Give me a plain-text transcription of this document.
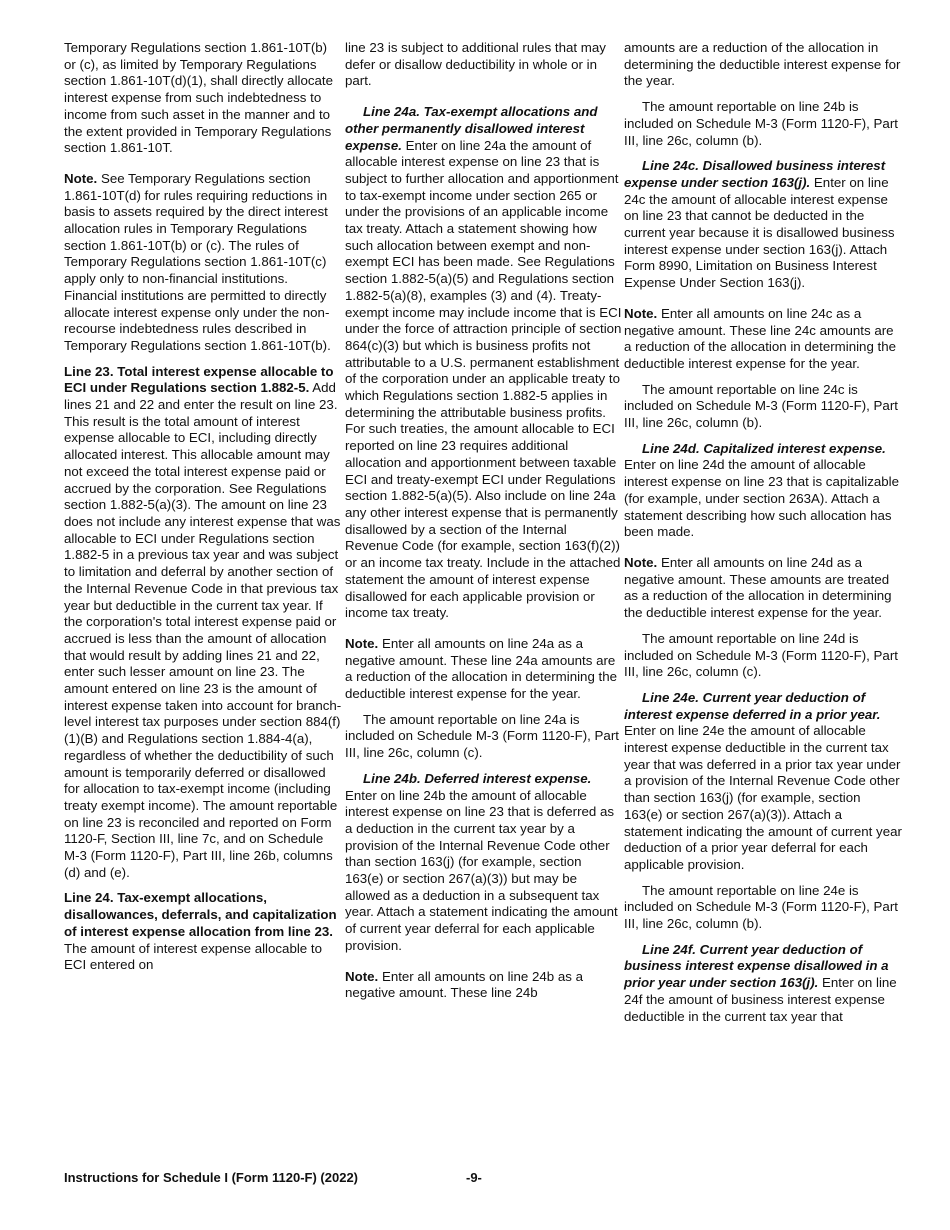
Temporary Regulations section 1.861-10T(b) or (c), as limited by Temporary Regulations section 1.861-10T(d)(1), shall directly allocate interest expense from such indebtedness to income from such asset in the manner and to the extent provided in Temporary Regulations section 1.861-10T.

Note. See Temporary Regulations section 1.861-10T(d) for rules requiring reductions in basis to assets required by the direct interest allocation rules in Temporary Regulations section 1.861-10T(b) or (c). The rules of Temporary Regulations section 1.861-10T(c) apply only to non-financial institutions. Financial institutions are permitted to directly allocate interest expense only under the non-recourse indebtedness rules described in Temporary Regulations section 1.861-10T(b).

Line 23. Total interest expense allocable to ECI under Regulations section 1.882-5. Add lines 21 and 22 and enter the result on line 23. This result is the total amount of interest expense allocable to ECI, including directly allocated interest. This allocable amount may not exceed the total interest expense paid or accrued by the corporation. See Regulations section 1.882-5(a)(3). The amount on line 23 does not include any interest expense that was allocable to ECI under Regulations section 1.882-5 in a previous tax year and was subject to limitation and deferral by another section of the Internal Revenue Code in that previous tax year but deductible in the current tax year. If the corporation's total interest expense paid or accrued is less than the amount of allocation that would result by adding lines 21 and 22, enter such lesser amount on line 23. The amount entered on line 23 is the amount of interest expense taken into account for branch-level interest tax purposes under section 884(f)(1)(B) and Regulations section 1.884-4(a), regardless of whether the deductibility of such amount is temporarily deferred or disallowed for allocation to tax-exempt income (including treaty exempt income). The amount reportable on line 23 is reconciled and reported on Form 1120-F, Section III, line 7c, and on Schedule M-3 (Form 1120-F), Part III, line 26b, columns (d) and (e).

Line 24. Tax-exempt allocations, disallowances, deferrals, and capitalization of interest expense allocation from line 23. The amount of interest expense allocable to ECI entered on

line 23 is subject to additional rules that may defer or disallow deductibility in whole or in part.

Line 24a. Tax-exempt allocations and other permanently disallowed interest expense. Enter on line 24a the amount of allocable interest expense on line 23 that is subject to further allocation and apportionment to tax-exempt income under section 265 or under the provisions of an applicable income tax treaty. Attach a statement showing how such allocation between exempt and non-exempt ECI has been made. See Regulations section 1.882-5(a)(5) and Regulations section 1.882-5(a)(8), examples (3) and (4). Treaty-exempt income may include income that is ECI under the force of attraction principle of section 864(c)(3) but which is business profits not attributable to a U.S. permanent establishment of the corporation under an applicable treaty to which Regulations section 1.882-5 applies in determining the attributable business profits. For such treaties, the amount allocable to ECI reported on line 23 requires additional allocation and apportionment between taxable ECI and treaty-exempt ECI under Regulations section 1.882-5(a)(5). Also include on line 24a any other interest expense that is permanently disallowed by a section of the Internal Revenue Code (for example, section 163(f)(2)) or an income tax treaty. Include in the attached statement the amount of interest expense disallowed for each applicable provision or income tax treaty.

Note. Enter all amounts on line 24a as a negative amount. These line 24a amounts are a reduction of the allocation in determining the deductible interest expense for the year.

The amount reportable on line 24a is included on Schedule M-3 (Form 1120-F), Part III, line 26c, column (c).

Line 24b. Deferred interest expense. Enter on line 24b the amount of allocable interest expense on line 23 that is deferred as a deduction in the current tax year by a provision of the Internal Revenue Code other than section 163(j) (for example, section 163(e) or section 267(a)(3)) but may be allowed as a deduction in a subsequent tax year. Attach a statement indicating the amount of current year deferral for each applicable provision.

Note. Enter all amounts on line 24b as a negative amount. These line 24b

amounts are a reduction of the allocation in determining the deductible interest expense for the year.

The amount reportable on line 24b is included on Schedule M-3 (Form 1120-F), Part III, line 26c, column (b).

Line 24c. Disallowed business interest expense under section 163(j). Enter on line 24c the amount of allocable interest expense on line 23 that cannot be deducted in the current year because it is disallowed business interest expense under section 163(j). Attach Form 8990, Limitation on Business Interest Expense Under Section 163(j).

Note. Enter all amounts on line 24c as a negative amount. These line 24c amounts are a reduction of the allocation in determining the deductible interest expense for the year.

The amount reportable on line 24c is included on Schedule M-3 (Form 1120-F), Part III, line 26c, column (b).

Line 24d. Capitalized interest expense. Enter on line 24d the amount of allocable interest expense on line 23 that is capitalizable (for example, under section 263A). Attach a statement describing how such allocation has been made.

Note. Enter all amounts on line 24d as a negative amount. These amounts are treated as a reduction of the allocation in determining the deductible interest expense for the year.

The amount reportable on line 24d is included on Schedule M-3 (Form 1120-F), Part III, line 26c, column (c).

Line 24e. Current year deduction of interest expense deferred in a prior year. Enter on line 24e the amount of allocable interest expense deductible in the current tax year that was deferred in a prior tax year under a provision of the Internal Revenue Code other than section 163(j) (for example, section 163(e) or section 267(a)(3)). Attach a statement indicating the amount of current year deduction of a prior year deferral for each applicable provision.

The amount reportable on line 24e is included on Schedule M-3 (Form 1120-F), Part III, line 26c, column (b).

Line 24f. Current year deduction of business interest expense disallowed in a prior year under section 163(j). Enter on line 24f the amount of business interest expense deductible in the current tax year that

Instructions for Schedule I (Form 1120-F) (2022)	-9-
